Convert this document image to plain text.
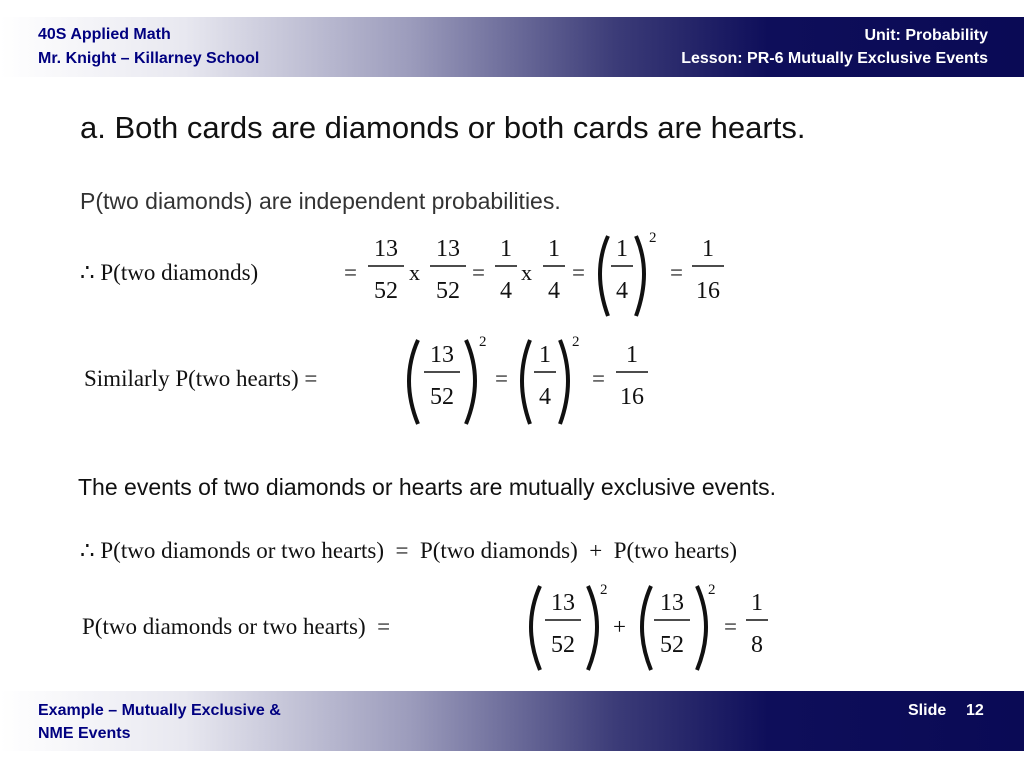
40S Applied Math
Mr. Knight – Killarney School
Unit: Probability
Lesson: PR-6 Mutually Exclusive Events
a. Both cards are diamonds or both cards are hearts.
P(two diamonds) are independent probabilities.
∴ P(two diamonds)	=
13
52
x
13
52
=
1
4
x
1
4
=
1
4
2
=
1
16
Similarly P(two hearts) =
13
52
2
=
1
4
2
=
1
16
The events of two diamonds or hearts are mutually exclusive events.
∴ P(two diamonds or two hearts)  =  P(two diamonds)  +  P(two hearts)
P(two diamonds or two hearts)  =
13
52
2
+
13
52
2
=
1
8
Example – Mutually Exclusive &
NME Events
Slide 12
